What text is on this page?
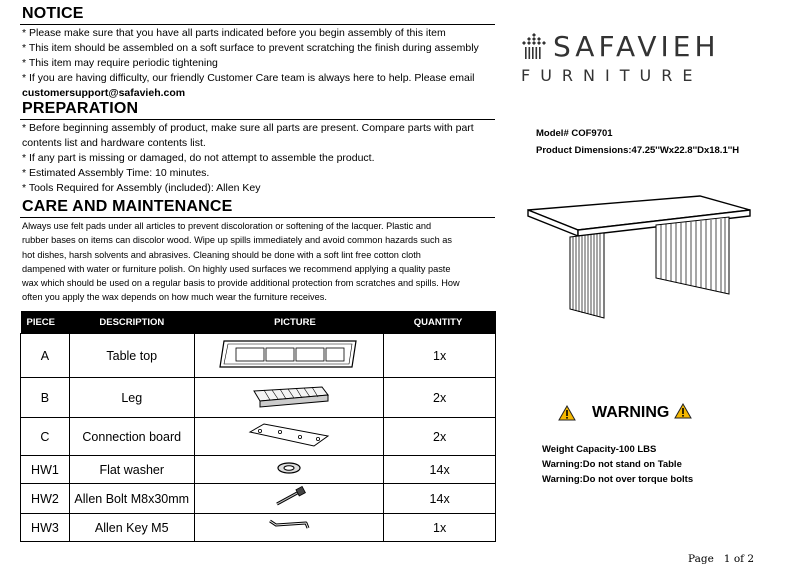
NOTICE
* Please make sure that you have all parts indicated before you begin assembly of this item
* This item should be assembled on a soft surface to prevent scratching the finish during assembly
* This item may require periodic tightening
* If you are having difficulty, our friendly Customer Care team is always here to help. Please email
customersupport@safavieh.com
PREPARATION
* Before beginning assembly of product, make sure all parts are present. Compare parts with part
contents list and hardware contents list.
* If any part is missing or damaged, do not attempt to assemble the product.
* Estimated Assembly Time: 10 minutes.
* Tools Required for Assembly (included): Allen Key
CARE AND MAINTENANCE
Always use felt pads under all articles to prevent discoloration or softening of the lacquer. Plastic and
rubber bases on items can discolor wood. Wipe up spills immediately and avoid common hazards such as
hot dishes, harsh solvents and abrasives. Cleaning should be done with a soft lint free cotton cloth
dampened with water or furniture polish. On highly used surfaces we recommend applying a quality paste
wax which should be used on a regular basis to provide additional protection from scratches and spills. How
often you apply the wax depends on how much wear the furniture receives.
PIECE	DESCRIPTION	PICTURE	QUANTITY
A	Table top		1x
B	Leg		2x
C	Connection board		2x
HW1	Flat washer		14x
HW2	Allen Bolt M8x30mm		14x
HW3	Allen Key M5		1x
SAFAVIEH
FURNITURE
Model# COF9701
Product Dimensions:47.25''Wx22.8''Dx18.1''H
WARNING
Weight Capacity-100 LBS
Warning:Do not stand on Table
Warning:Do not over torque bolts
Page   1 of 2
